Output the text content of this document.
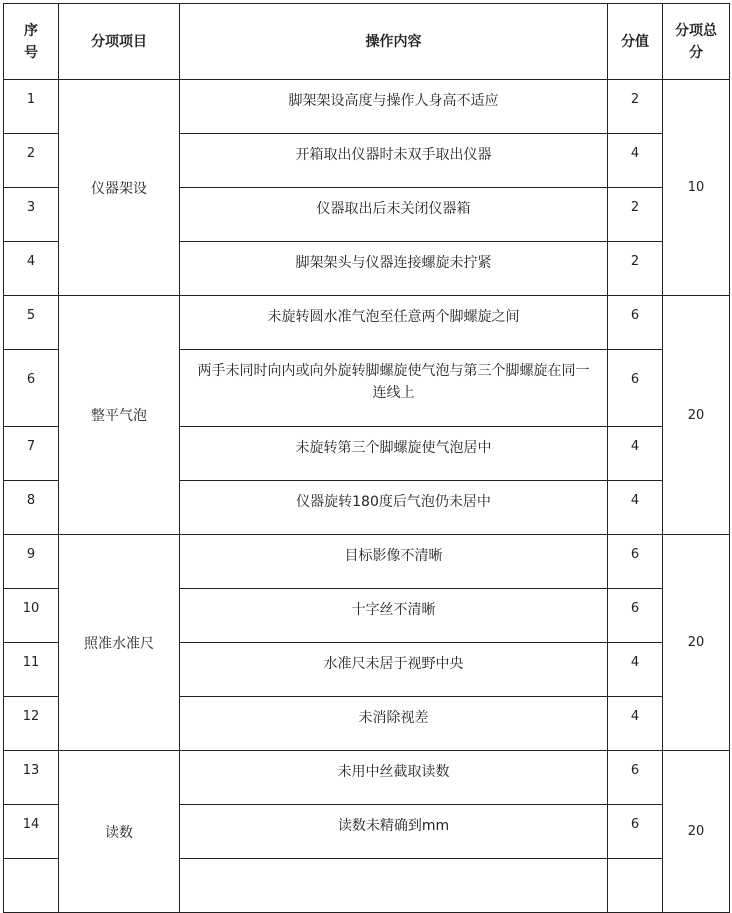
序号	分项项目	操作内容	分值	分项总分
1	仪器架设	脚架架设高度与操作人身高不适应	2	10
2		开箱取出仪器时未双手取出仪器	4	
3		仪器取出后未关闭仪器箱	2	
4		脚架架头与仪器连接螺旋未拧紧	2	
5	整平气泡	未旋转圆水准气泡至任意两个脚螺旋之间	6	20
6		两手未同时向内或向外旋转脚螺旋使气泡与第三个脚螺旋在同一连线上	6	
7		未旋转第三个脚螺旋使气泡居中	4	
8		仪器旋转180度后气泡仍未居中	4	
9	照准水准尺	目标影像不清晰	6	20
10		十字丝不清晰	6	
11		水准尺未居于视野中央	4	
12		未消除视差	4	
13	读数	未用中丝截取读数	6	20
14		读数未精确到mm	6	
